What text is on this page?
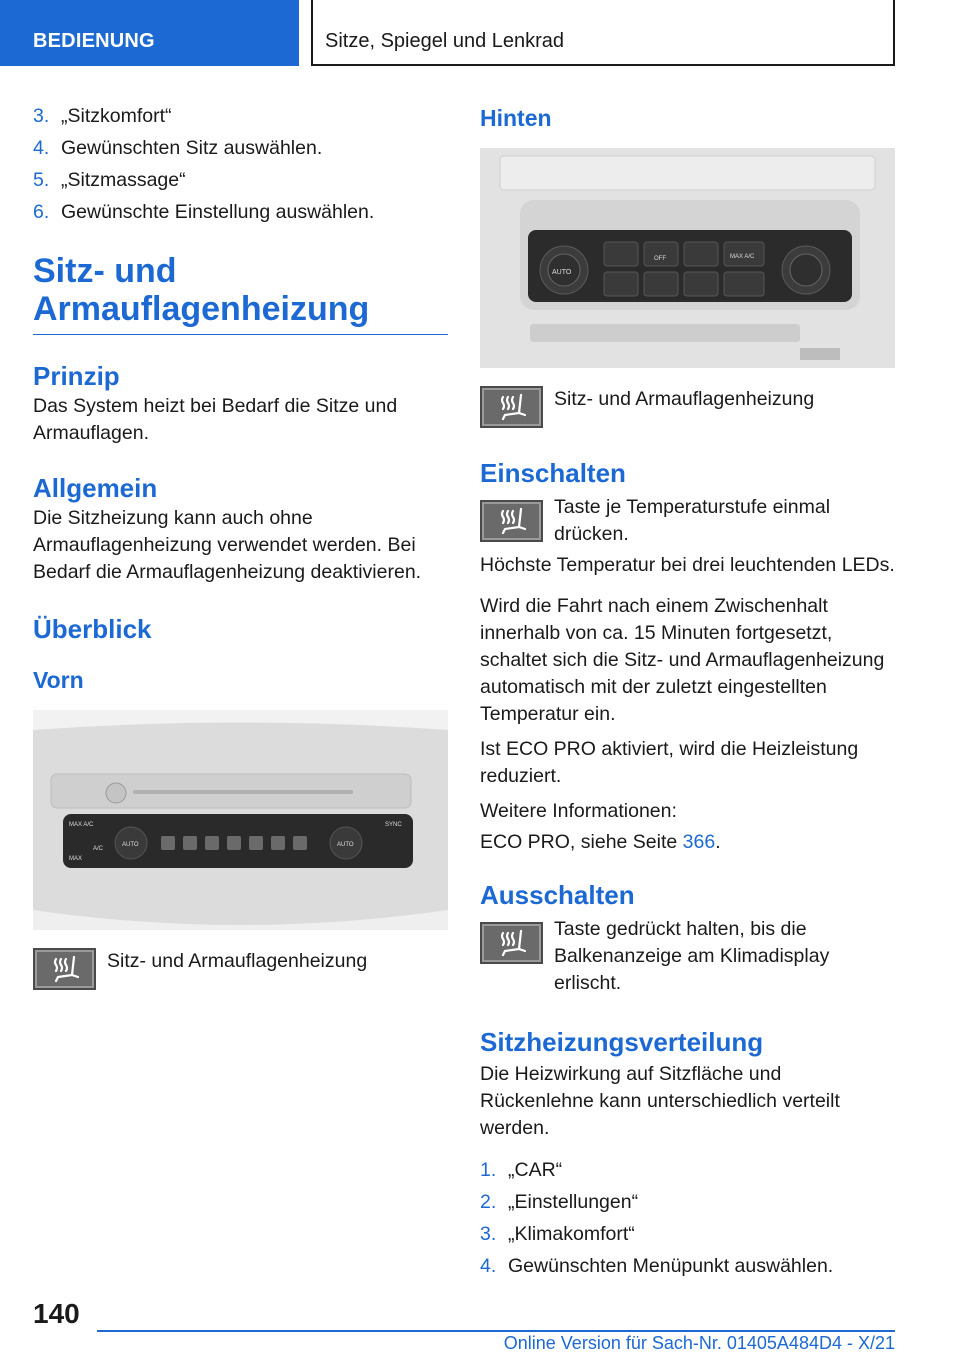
BEDIENUNG	Sitze, Spiegel und Lenkrad
3. „Sitzkomfort“
4. Gewünschten Sitz auswählen.
5. „Sitzmassage“
6. Gewünschte Einstellung auswählen.
Sitz- und
Armauflagenheizung
Prinzip
Das System heizt bei Bedarf die Sitze und Armauflagen.
Allgemein
Die Sitzheizung kann auch ohne Armauflagenheizung verwendet werden. Bei Bedarf die Armauflagenheizung deaktivieren.
Überblick
Vorn
MAX A/C
A/C
MAX
AUTO	AUTO
SYNC
Sitz- und Armauflagenheizung
Hinten
AUTO
OFF	MAX A/C
Sitz- und Armauflagenheizung
Einschalten
Taste je Temperaturstufe einmal drücken.
Höchste Temperatur bei drei leuchtenden LEDs.
Wird die Fahrt nach einem Zwischenhalt innerhalb von ca. 15 Minuten fortgesetzt, schaltet sich die Sitz- und Armauflagenheizung automatisch mit der zuletzt eingestellten Temperatur ein.
Ist ECO PRO aktiviert, wird die Heizleistung reduziert.
Weitere Informationen:
ECO PRO, siehe Seite 366.
Ausschalten
Taste gedrückt halten, bis die Balkenanzeige am Klimadisplay erlischt.
Sitzheizungsverteilung
Die Heizwirkung auf Sitzfläche und Rückenlehne kann unterschiedlich verteilt werden.
1. „CAR“
2. „Einstellungen“
3. „Klimakomfort“
4. Gewünschten Menüpunkt auswählen.
140
Online Version für Sach-Nr. 01405A484D4 - X/21
